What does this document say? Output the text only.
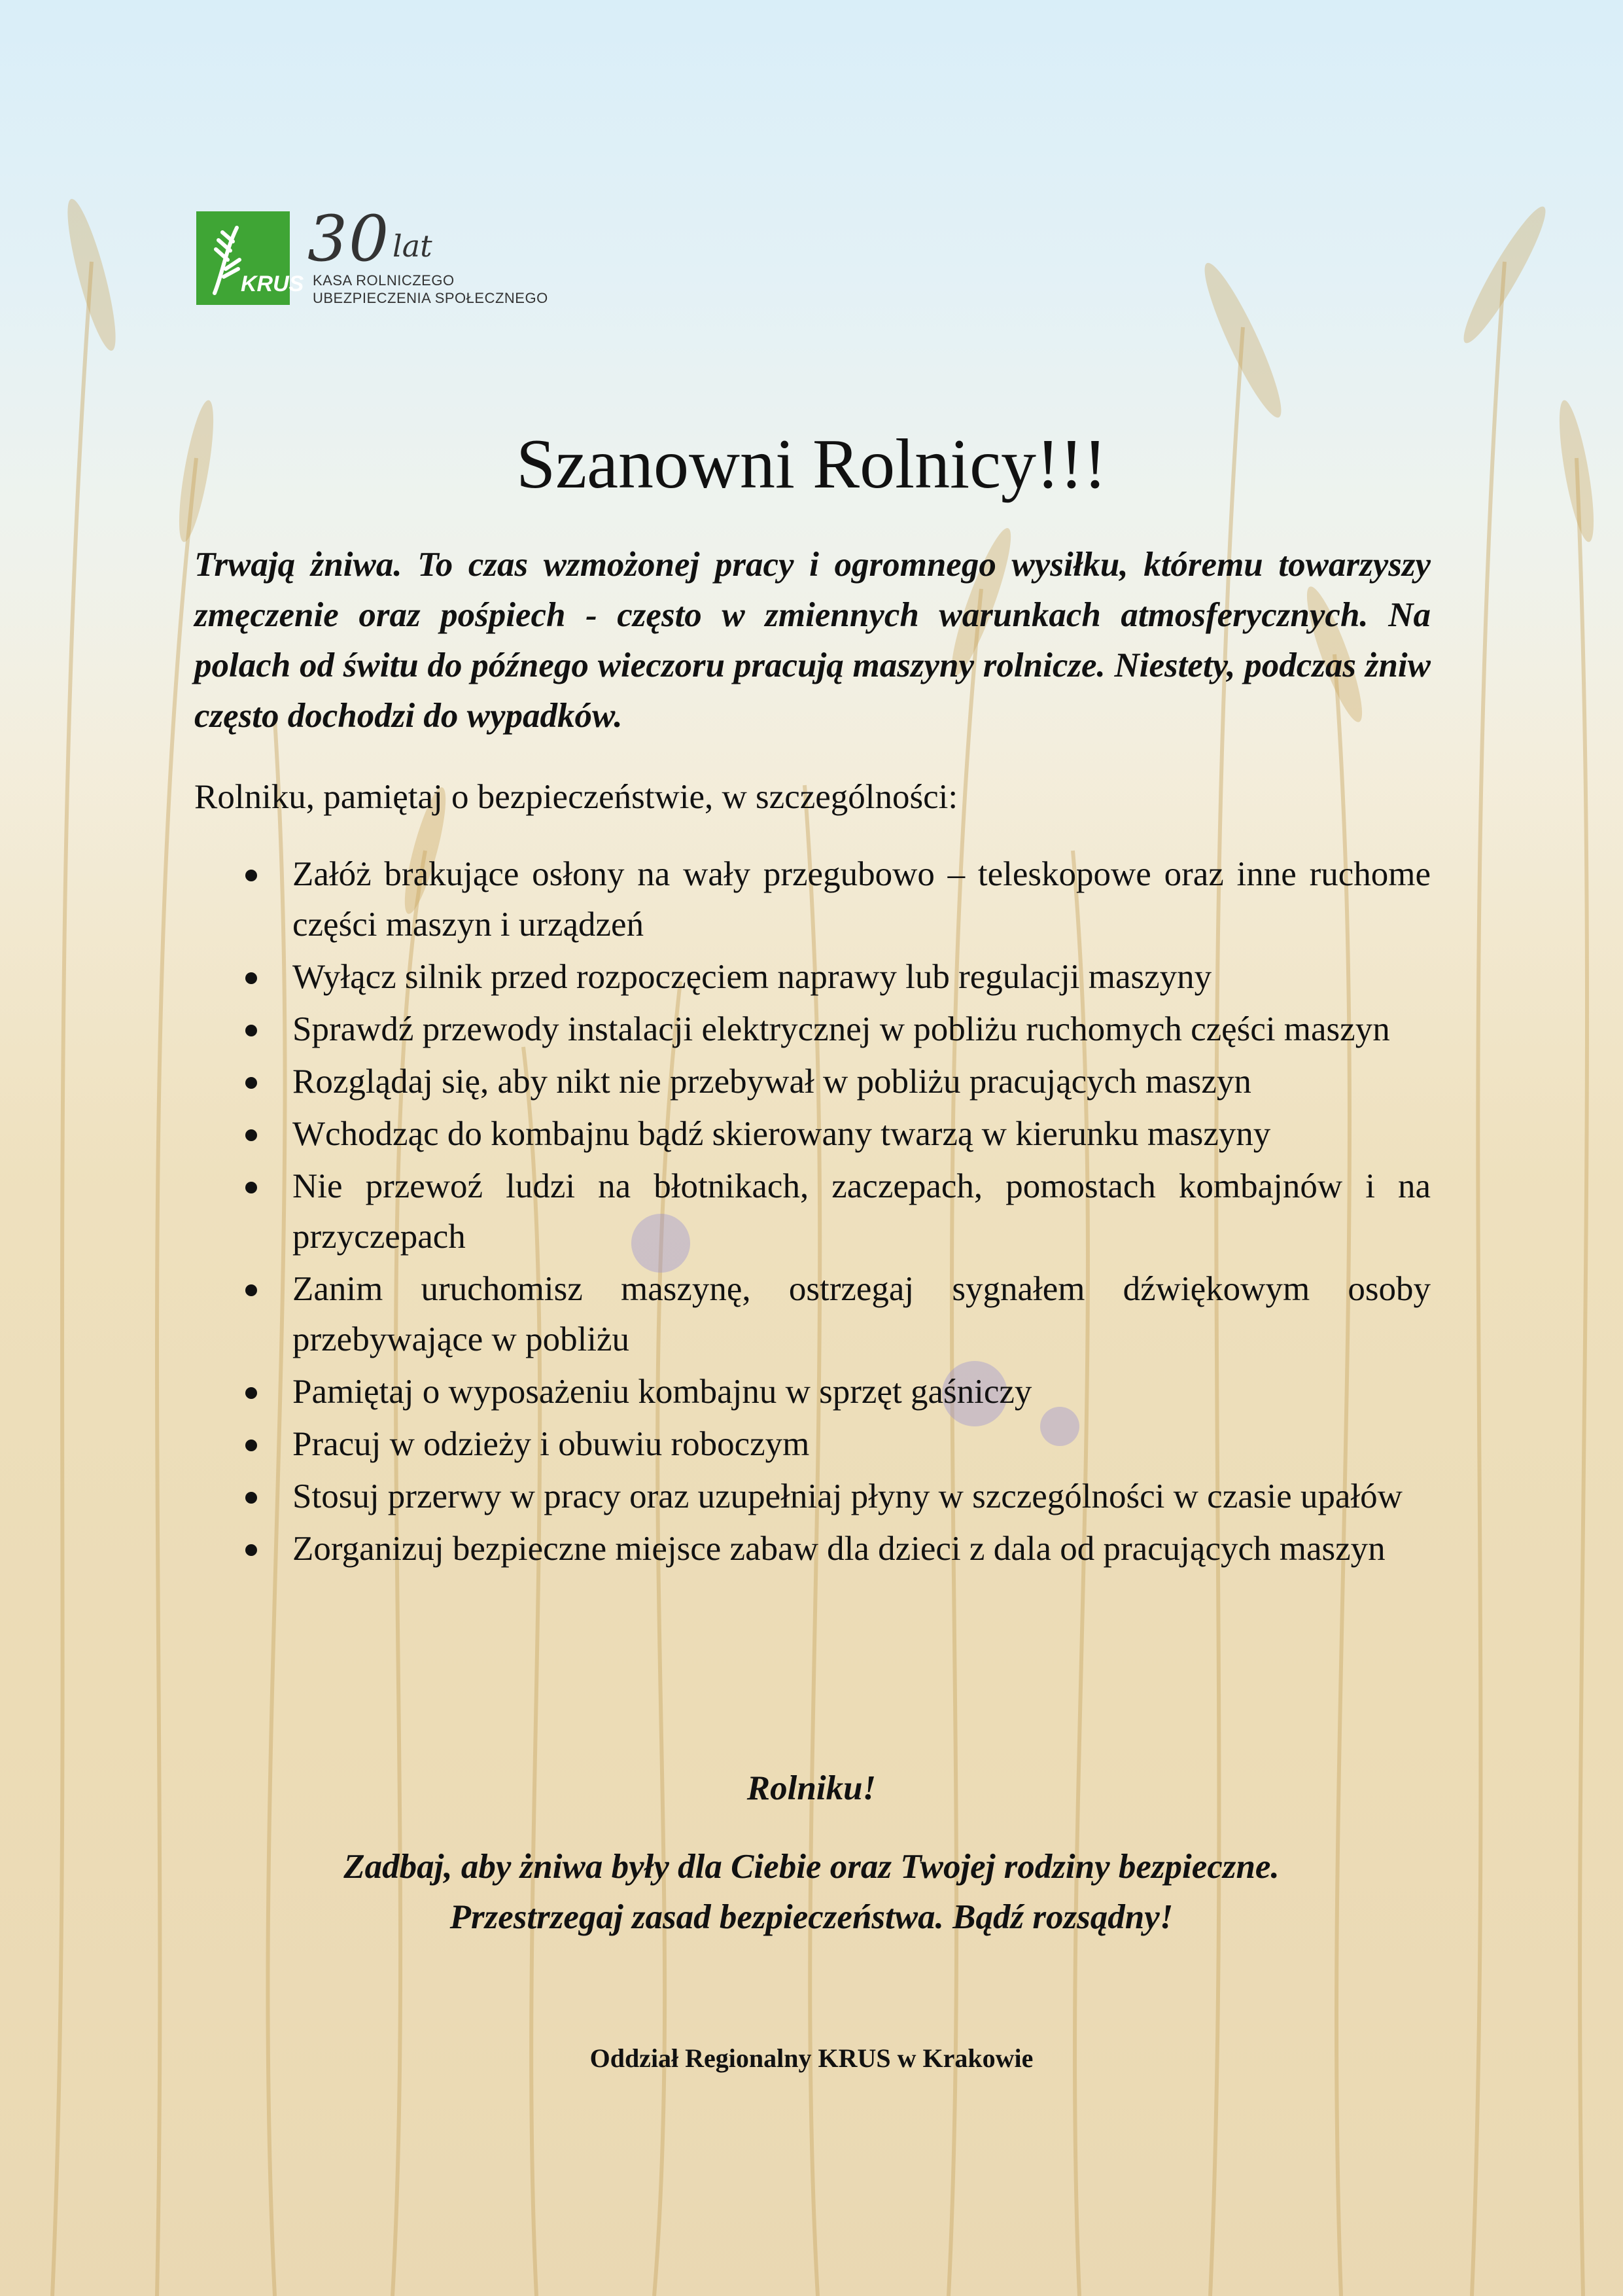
KRUS
30 lat
KASA ROLNICZEGO
UBEZPIECZENIA SPOŁECZNEGO
Szanowni Rolnicy!!!

Trwają żniwa. To czas wzmożonej pracy i ogromnego wysiłku, któremu towarzyszy zmęczenie oraz pośpiech - często w zmiennych warunkach atmosferycznych. Na polach od świtu do późnego wieczoru pracują maszyny rolnicze. Niestety, podczas żniw często dochodzi do wypadków.

Rolniku, pamiętaj o bezpieczeństwie, w szczególności:

Załóż brakujące osłony na wały przegubowo – teleskopowe oraz inne ruchome części maszyn i urządzeń
Wyłącz silnik przed rozpoczęciem naprawy lub regulacji maszyny
Sprawdź przewody instalacji elektrycznej w pobliżu ruchomych części maszyn
Rozglądaj się, aby nikt nie przebywał w pobliżu pracujących maszyn
Wchodząc do kombajnu bądź skierowany twarzą w kierunku maszyny
Nie przewoź ludzi na błotnikach, zaczepach, pomostach kombajnów i na przyczepach
Zanim uruchomisz maszynę, ostrzegaj sygnałem dźwiękowym osoby przebywające w pobliżu
Pamiętaj o wyposażeniu kombajnu w sprzęt gaśniczy
Pracuj w odzieży i obuwiu roboczym
Stosuj przerwy w pracy oraz uzupełniaj płyny w szczególności w czasie upałów
Zorganizuj bezpieczne miejsce zabaw dla dzieci z dala od pracujących maszyn

Rolniku!

Zadbaj, aby żniwa były dla Ciebie oraz Twojej rodziny bezpieczne.
Przestrzegaj zasad bezpieczeństwa. Bądź rozsądny!

Oddział Regionalny KRUS w Krakowie
